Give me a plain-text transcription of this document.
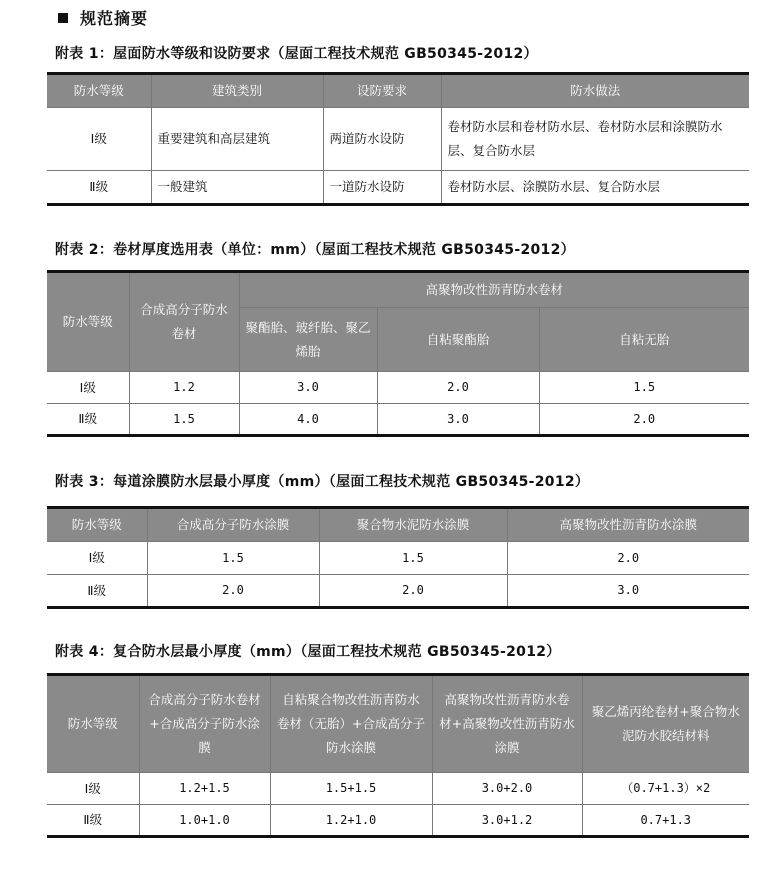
规范摘要
附表 1：屋面防水等级和设防要求（屋面工程技术规范 GB50345-2012）
防水等级	建筑类别	设防要求	防水做法
Ⅰ级	重要建筑和高层建筑	两道防水设防	卷材防水层和卷材防水层、卷材防水层和涂膜防水层、复合防水层
Ⅱ级	一般建筑	一道防水设防	卷材防水层、涂膜防水层、复合防水层
附表 2：卷材厚度选用表（单位：mm）（屋面工程技术规范 GB50345-2012）
防水等级	合成高分子防水卷材	高聚物改性沥青防水卷材		
		聚酯胎、玻纤胎、聚乙烯胎	自粘聚酯胎	自粘无胎
Ⅰ级	1.2	3.0	2.0	1.5
Ⅱ级	1.5	4.0	3.0	2.0
附表 3：每道涂膜防水层最小厚度（mm）（屋面工程技术规范 GB50345-2012）
防水等级	合成高分子防水涂膜	聚合物水泥防水涂膜	高聚物改性沥青防水涂膜
Ⅰ级	1.5	1.5	2.0
Ⅱ级	2.0	2.0	3.0
附表 4：复合防水层最小厚度（mm）（屋面工程技术规范 GB50345-2012）
防水等级	合成高分子防水卷材+合成高分子防水涂膜	自粘聚合物改性沥青防水卷材（无胎）+合成高分子防水涂膜	高聚物改性沥青防水卷材+高聚物改性沥青防水涂膜	聚乙烯丙纶卷材+聚合物水泥防水胶结材料
Ⅰ级	1.2+1.5	1.5+1.5	3.0+2.0	（0.7+1.3）×2
Ⅱ级	1.0+1.0	1.2+1.0	3.0+1.2	0.7+1.3
